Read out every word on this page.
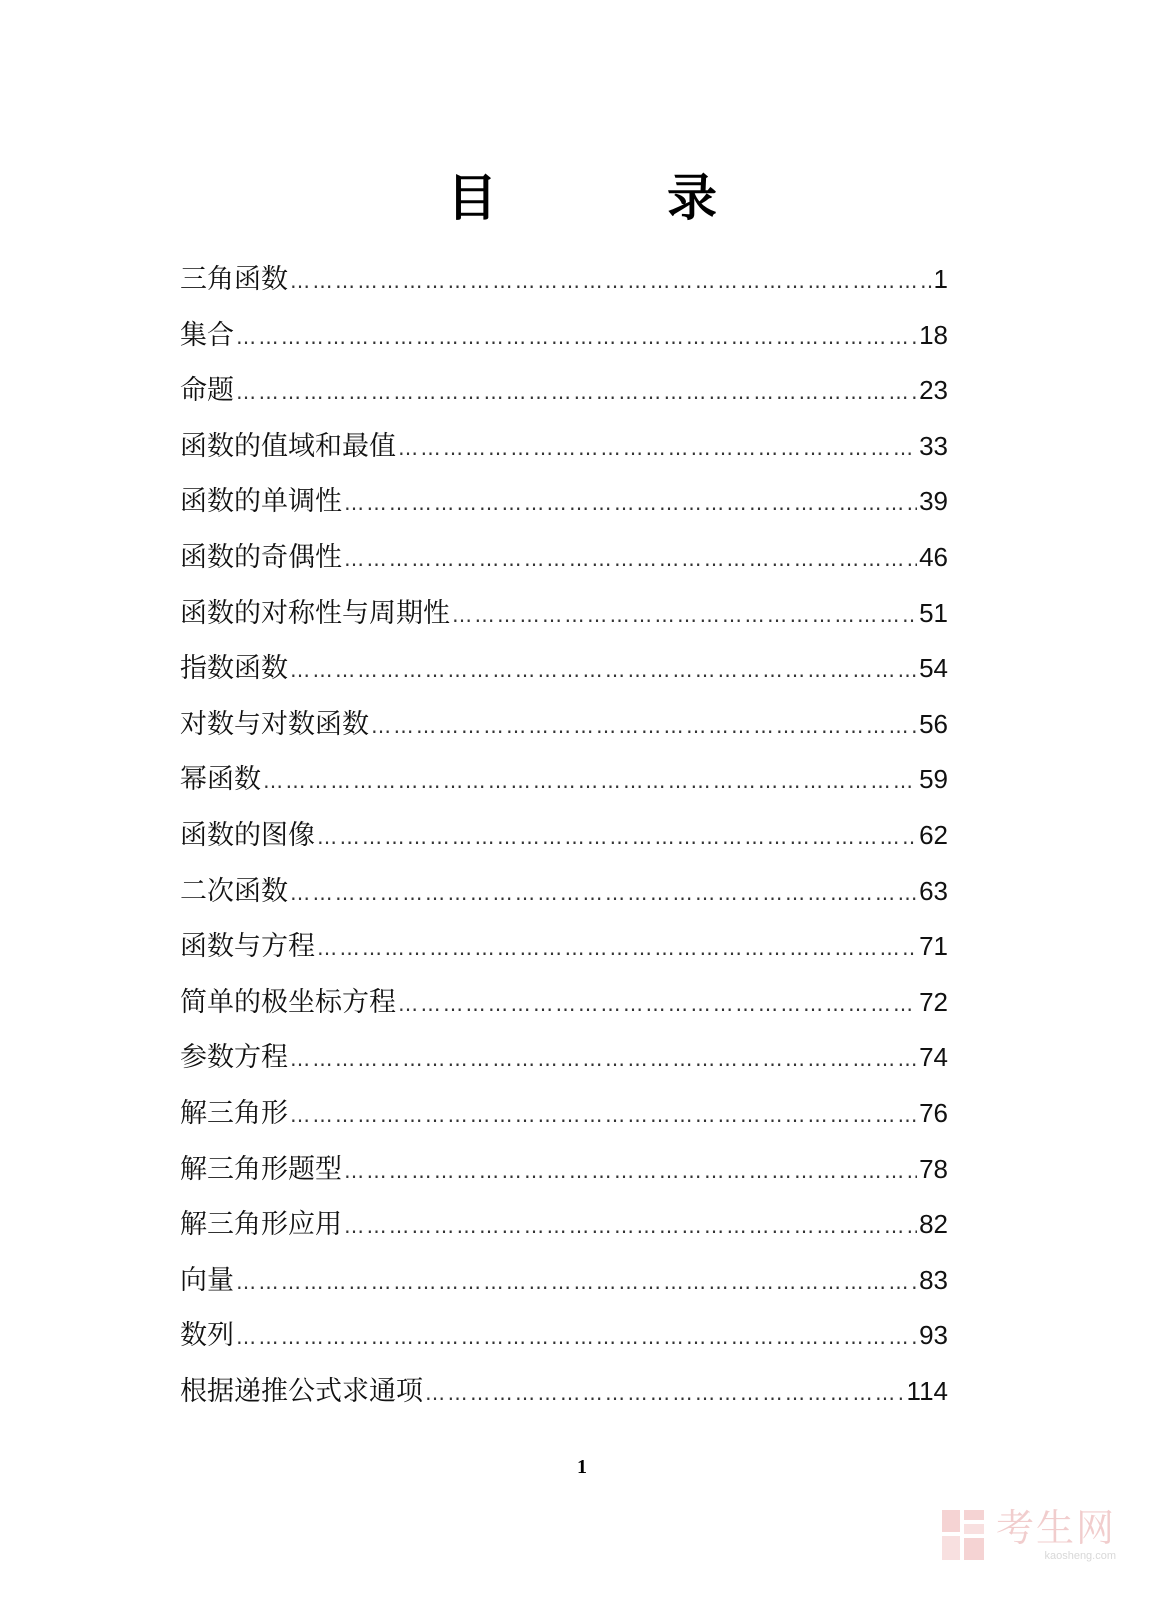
目　录
三角函数 …………………………………………………………………………………………………………………………………………………………………………	1
集合 …………………………………………………………………………………………………………………………………………………………………………	18
命题 …………………………………………………………………………………………………………………………………………………………………………	23
函数的值域和最值 …………………………………………………………………………………………………………………………………………………………………………	33
函数的单调性 …………………………………………………………………………………………………………………………………………………………………………	39
函数的奇偶性 …………………………………………………………………………………………………………………………………………………………………………	46
函数的对称性与周期性 …………………………………………………………………………………………………………………………………………………………………………	51
指数函数 …………………………………………………………………………………………………………………………………………………………………………	54
对数与对数函数 …………………………………………………………………………………………………………………………………………………………………………	56
幂函数 …………………………………………………………………………………………………………………………………………………………………………	59
函数的图像 …………………………………………………………………………………………………………………………………………………………………………	62
二次函数 …………………………………………………………………………………………………………………………………………………………………………	63
函数与方程 …………………………………………………………………………………………………………………………………………………………………………	71
简单的极坐标方程 …………………………………………………………………………………………………………………………………………………………………………	72
参数方程 …………………………………………………………………………………………………………………………………………………………………………	74
解三角形 …………………………………………………………………………………………………………………………………………………………………………	76
解三角形题型 …………………………………………………………………………………………………………………………………………………………………………	78
解三角形应用 …………………………………………………………………………………………………………………………………………………………………………	82
向量 …………………………………………………………………………………………………………………………………………………………………………	83
数列 …………………………………………………………………………………………………………………………………………………………………………	93
根据递推公式求通项 …………………………………………………………………………………………………………………………………………………………………………	114
1
考生网
kaosheng.com
